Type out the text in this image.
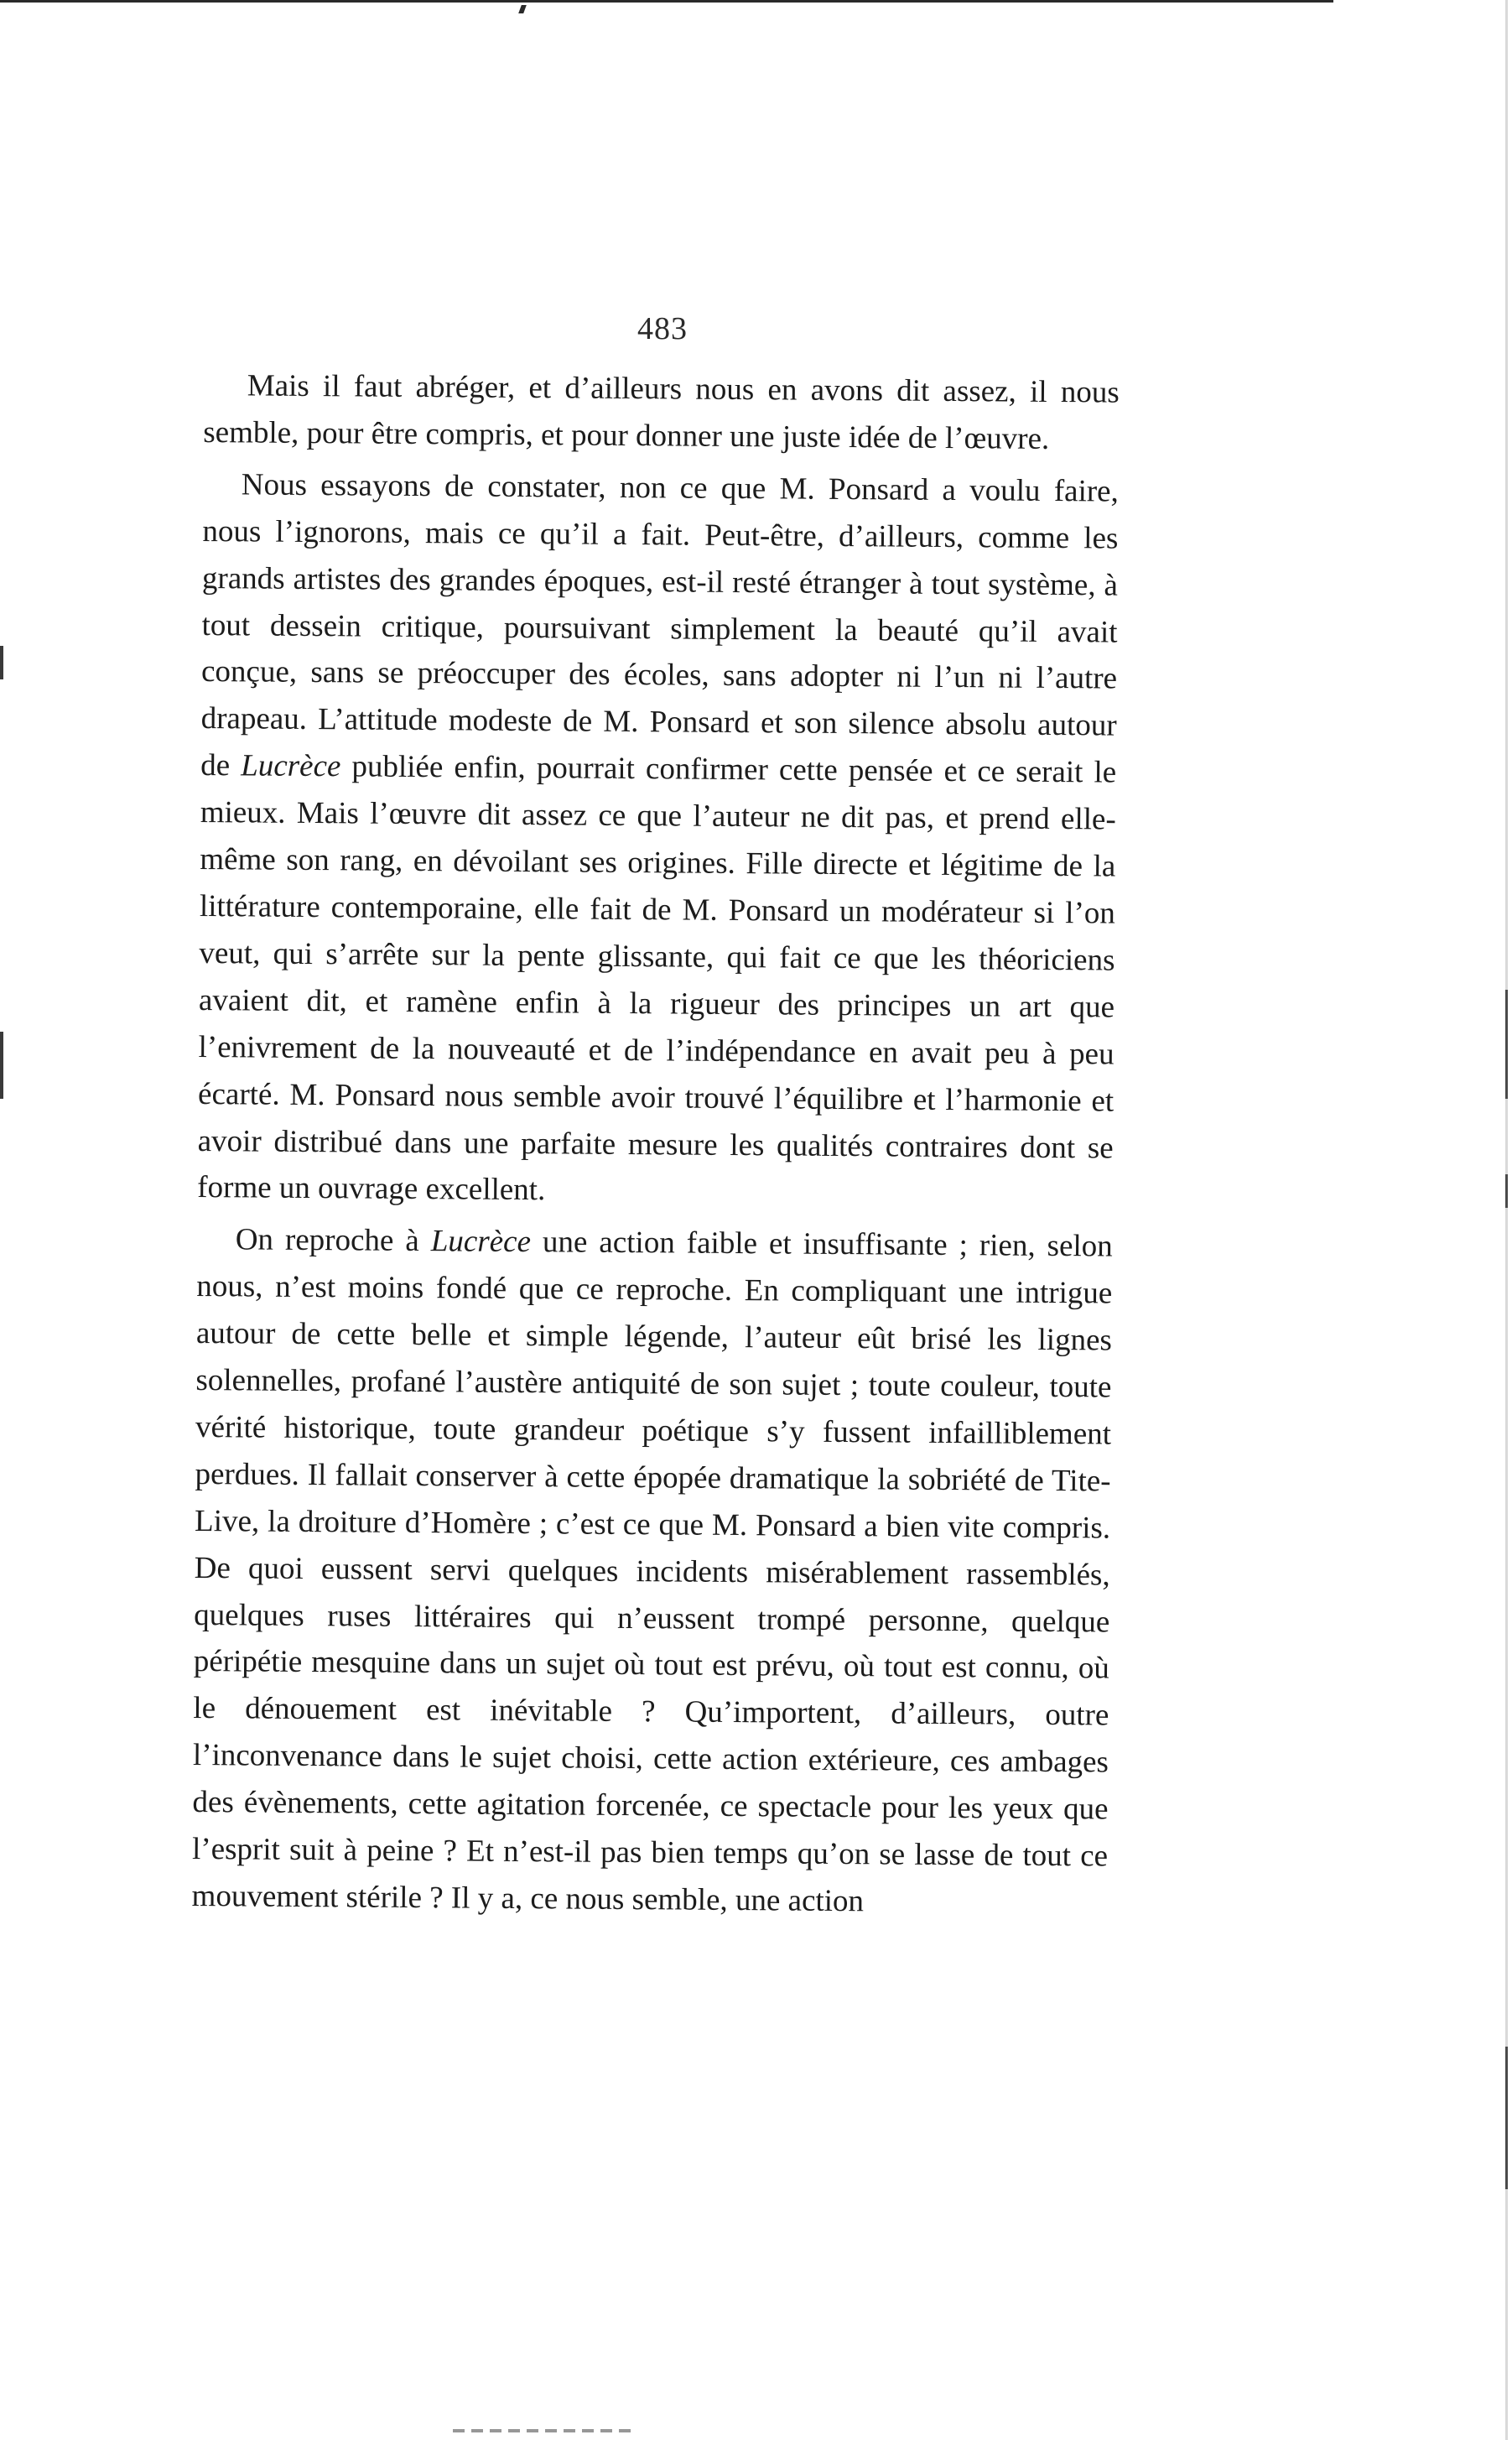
483

Mais il faut abréger, et d’ailleurs nous en avons dit assez, il nous semble, pour être compris, et pour donner une juste idée de l’œuvre.

Nous essayons de constater, non ce que M. Ponsard a voulu faire, nous l’ignorons, mais ce qu’il a fait. Peut-être, d’ailleurs, comme les grands artistes des grandes époques, est-il resté étranger à tout système, à tout dessein critique, poursuivant simplement la beauté qu’il avait conçue, sans se préoccuper des écoles, sans adopter ni l’un ni l’autre drapeau. L’attitude modeste de M. Ponsard et son silence absolu autour de Lucrèce publiée enfin, pourrait confirmer cette pensée et ce serait le mieux. Mais l’œuvre dit assez ce que l’auteur ne dit pas, et prend elle-même son rang, en dévoilant ses origines. Fille directe et légitime de la littérature contemporaine, elle fait de M. Ponsard un modérateur si l’on veut, qui s’arrête sur la pente glissante, qui fait ce que les théoriciens avaient dit, et ramène enfin à la rigueur des principes un art que l’enivrement de la nouveauté et de l’indépendance en avait peu à peu écarté. M. Ponsard nous semble avoir trouvé l’équilibre et l’harmonie et avoir distribué dans une parfaite mesure les qualités contraires dont se forme un ouvrage excellent.

On reproche à Lucrèce une action faible et insuffisante ; rien, selon nous, n’est moins fondé que ce reproche. En compliquant une intrigue autour de cette belle et simple légende, l’auteur eût brisé les lignes solennelles, profané l’austère antiquité de son sujet ; toute couleur, toute vérité historique, toute grandeur poétique s’y fussent infailliblement perdues. Il fallait conserver à cette épopée dramatique la sobriété de Tite-Live, la droiture d’Homère ; c’est ce que M. Ponsard a bien vite compris. De quoi eussent servi quelques incidents misérablement rassemblés, quelques ruses littéraires qui n’eussent trompé personne, quelque péripétie mesquine dans un sujet où tout est prévu, où tout est connu, où le dénouement est inévitable ? Qu’importent, d’ailleurs, outre l’inconvenance dans le sujet choisi, cette action extérieure, ces ambages des évènements, cette agitation forcenée, ce spectacle pour les yeux que l’esprit suit à peine ? Et n’est-il pas bien temps qu’on se lasse de tout ce mouvement stérile ? Il y a, ce nous semble, une action
